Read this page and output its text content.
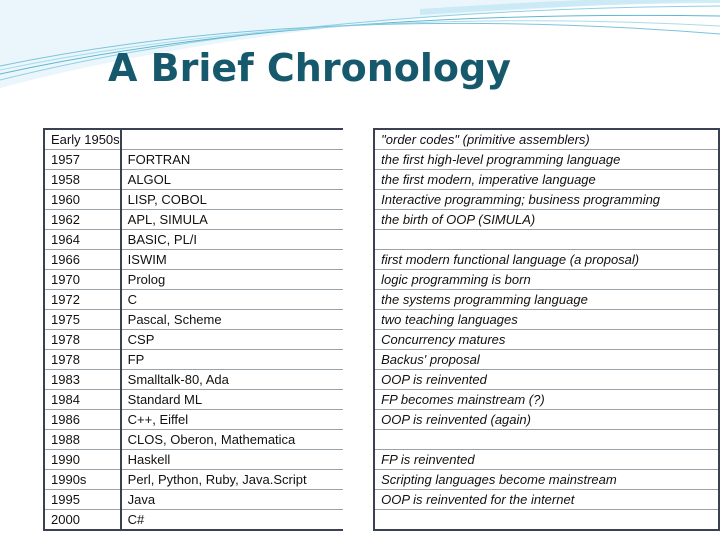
A Brief Chronology
Early 1950s			"order codes" (primitive assemblers)
1957	FORTRAN		the first high-level programming language
1958	ALGOL		the first modern, imperative language
1960	LISP, COBOL		Interactive programming; business programming
1962	APL, SIMULA		the birth of OOP (SIMULA)
1964	BASIC, PL/I		
1966	ISWIM		first modern functional language (a proposal)
1970	Prolog		logic programming is born
1972	C		the systems programming language
1975	Pascal, Scheme		two teaching languages
1978	CSP		Concurrency matures
1978	FP		Backus' proposal
1983	Smalltalk-80, Ada		OOP is reinvented
1984	Standard ML		FP becomes mainstream (?)
1986	C++, Eiffel		OOP is reinvented (again)
1988	CLOS, Oberon, Mathematica		
1990	Haskell		FP is reinvented
1990s	Perl, Python, Ruby, Java.Script		Scripting languages become mainstream
1995	Java		OOP is reinvented for the internet
2000	C#		
